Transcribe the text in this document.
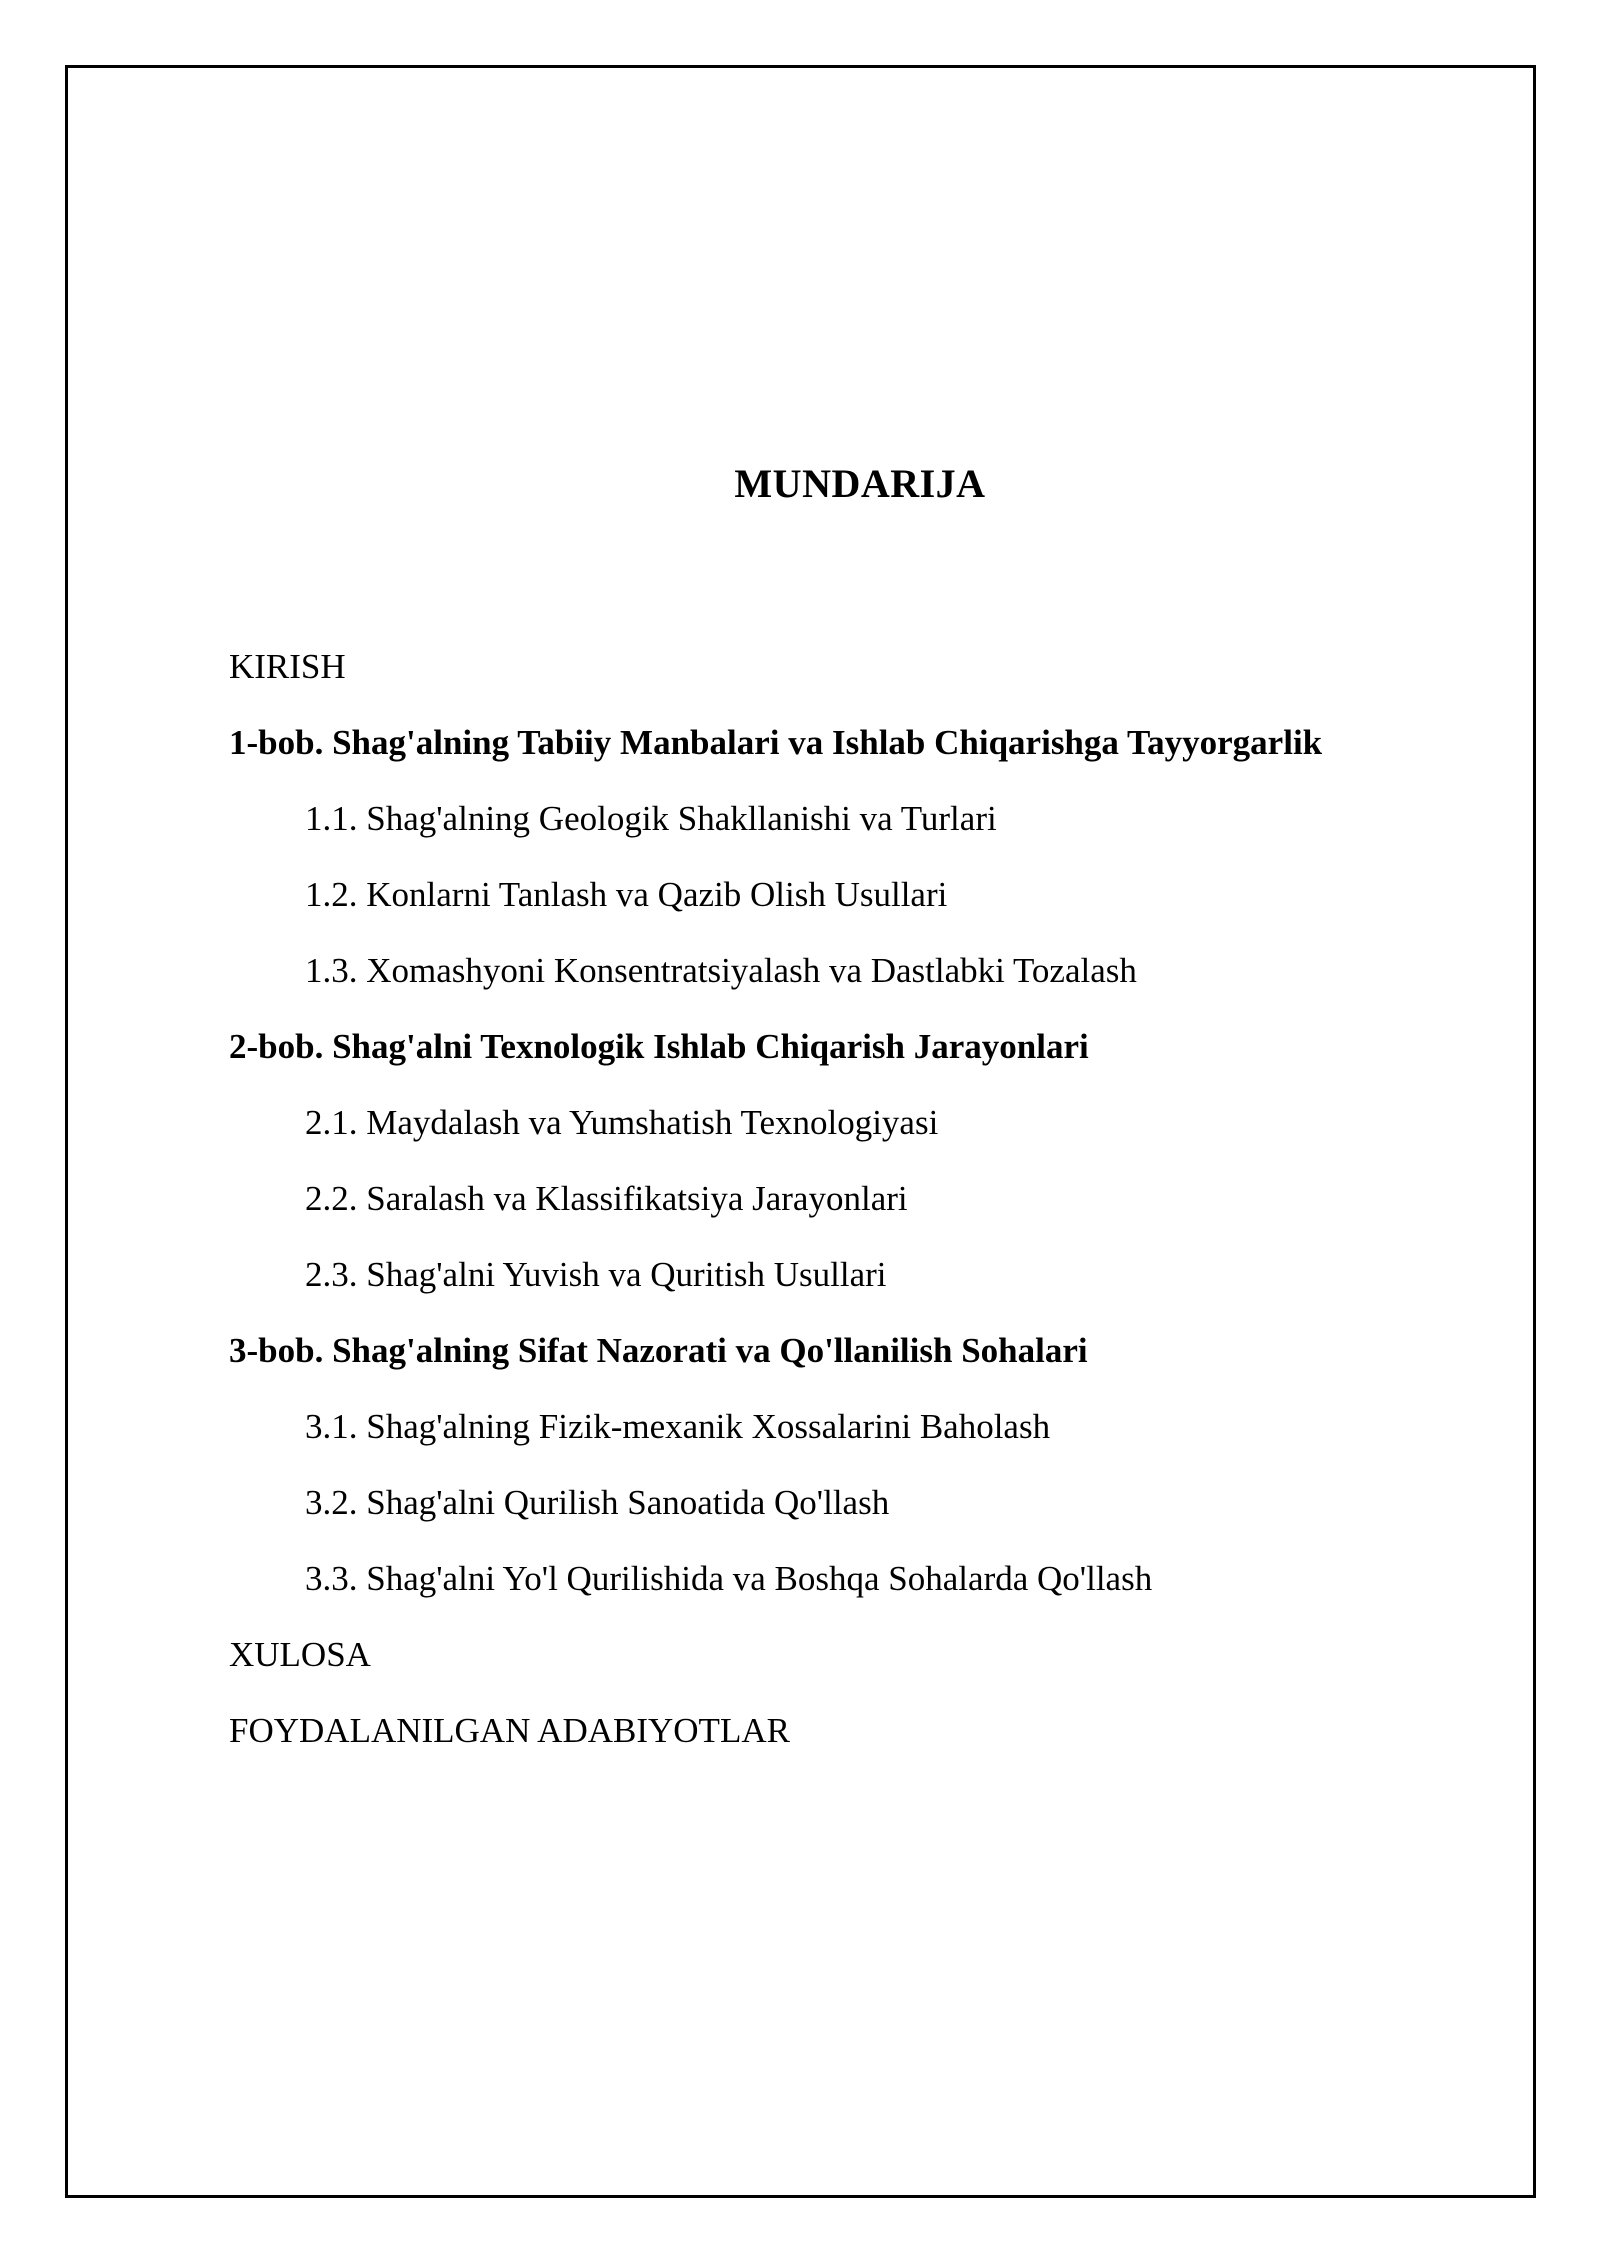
MUNDARIJA
KIRISH
1-bob. Shag'alning Tabiiy Manbalari va Ishlab Chiqarishga Tayyorgarlik
1.1. Shag'alning Geologik Shakllanishi va Turlari
1.2. Konlarni Tanlash va Qazib Olish Usullari
1.3. Xomashyoni Konsentratsiyalash va Dastlabki Tozalash
2-bob. Shag'alni Texnologik Ishlab Chiqarish Jarayonlari
2.1. Maydalash va Yumshatish Texnologiyasi
2.2. Saralash va Klassifikatsiya Jarayonlari
2.3. Shag'alni Yuvish va Quritish Usullari
3-bob. Shag'alning Sifat Nazorati va Qo'llanilish Sohalari
3.1. Shag'alning Fizik-mexanik Xossalarini Baholash
3.2. Shag'alni Qurilish Sanoatida Qo'llash
3.3. Shag'alni Yo'l Qurilishida va Boshqa Sohalarda Qo'llash
XULOSA
FOYDALANILGAN ADABIYOTLAR
